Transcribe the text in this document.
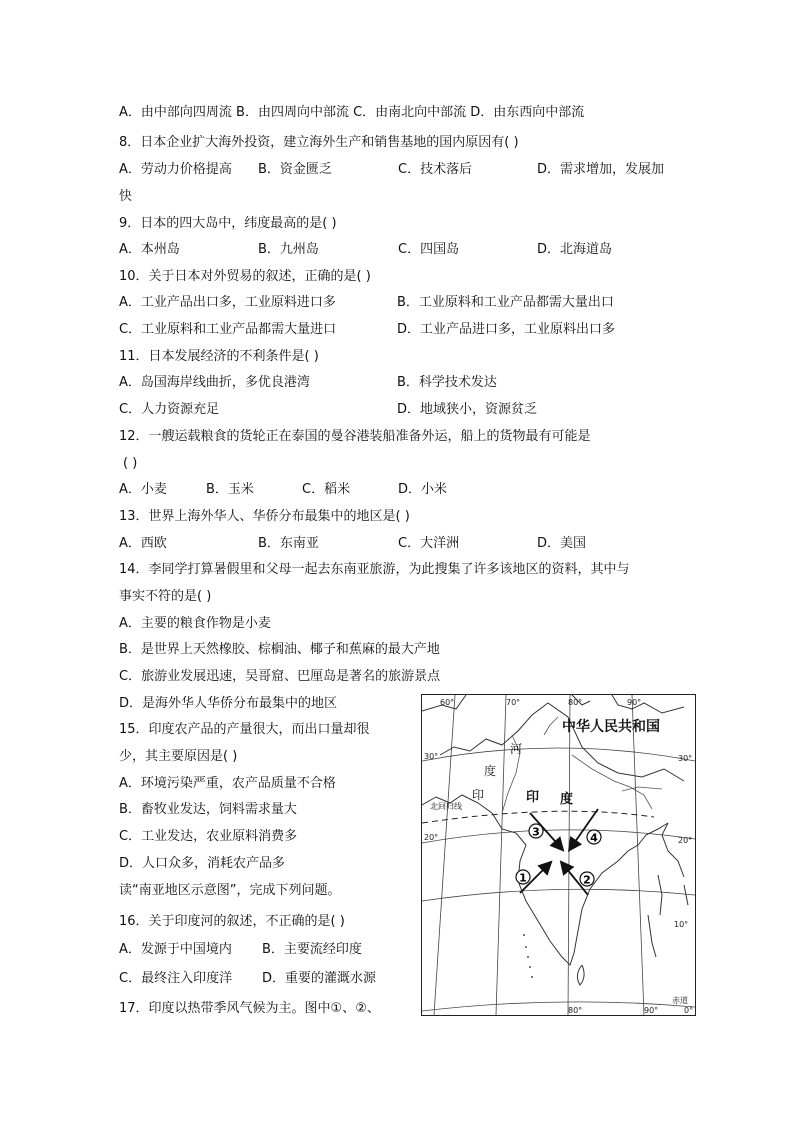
A．由中部向四周流 B．由四周向中部流 C．由南北向中部流 D．由东西向中部流
8．日本企业扩大海外投资，建立海外生产和销售基地的国内原因有( )
A．劳动力价格提高 B．资金匮乏	C．技术落后	D．需求增加，发展加
快
9．日本的四大岛中，纬度最高的是( )
A．本州岛	B．九州岛	C．四国岛	D．北海道岛
10．关于日本对外贸易的叙述，正确的是( )
A．工业产品出口多，工业原料进口多	B．工业原料和工业产品都需大量出口
C．工业原料和工业产品都需大量进口	D．工业产品进口多，工业原料出口多
11．日本发展经济的不利条件是( )
A．岛国海岸线曲折，多优良港湾	B．科学技术发达
C．人力资源充足	D．地域狭小，资源贫乏
12．一艘运载粮食的货轮正在泰国的曼谷港装船准备外运，船上的货物最有可能是
( )
A．小麦	B．玉米	C．稻米	D．小米
13．世界上海外华人、华侨分布最集中的地区是( )
A．西欧	B．东南亚	C．大洋洲	D．美国
14．李同学打算暑假里和父母一起去东南亚旅游，为此搜集了许多该地区的资料，其中与
事实不符的是( )
A．主要的粮食作物是小麦
B．是世界上天然橡胶、棕榈油、椰子和蕉麻的最大产地
C．旅游业发展迅速，吴哥窟、巴厘岛是著名的旅游景点
D．是海外华人华侨分布最集中的地区
15．印度农产品的产量很大，而出口量却很
少，其主要原因是( )
A．环境污染严重，农产品质量不合格
B．畜牧业发达，饲料需求量大
C．工业发达，农业原料消费多
D．人口众多，消耗农产品多
读“南亚地区示意图”，完成下列问题。
16．关于印度河的叙述，不正确的是( )
A．发源于中国境内 B．主要流经印度
C．最终注入印度洋 D．重要的灌溉水源
17．印度以热带季风气候为主。图中①、②、
1	2
3	4
中华人民共和国
河
度
印	印 度
北回归线
赤道
60°	70°	80°	90°
80°	90°
30°
20°
30°
20°
10°
0°
